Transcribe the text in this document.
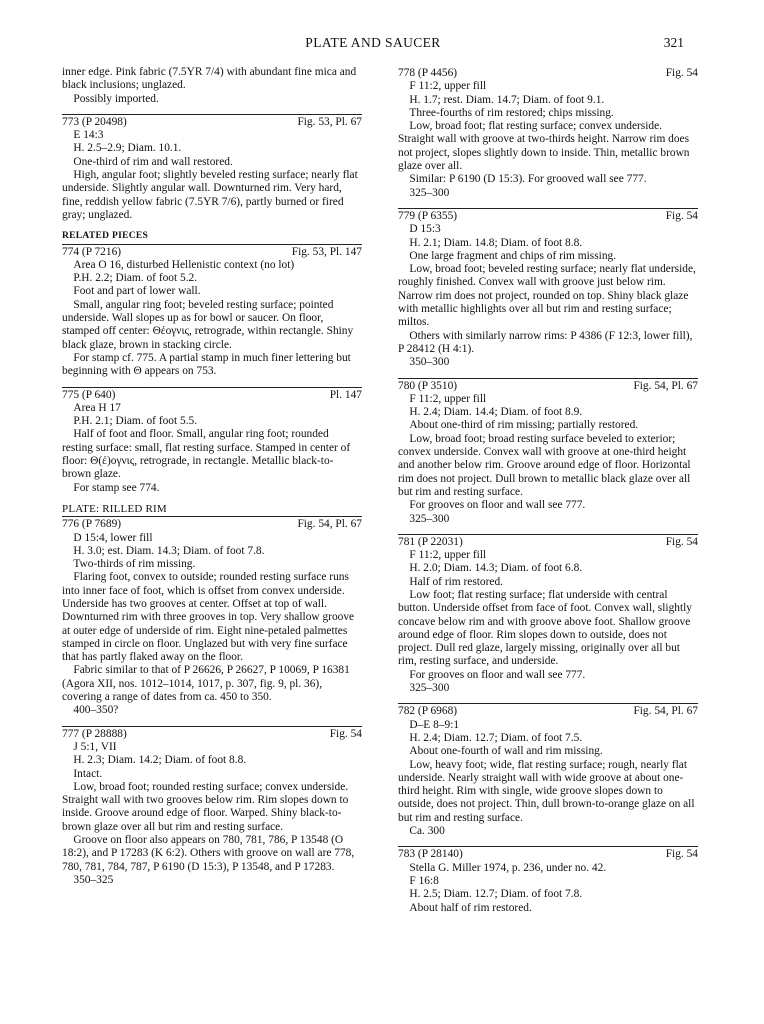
PLATE AND SAUCER	321

inner edge. Pink fabric (7.5YR 7/4) with abundant fine mica and black inclusions; unglazed.

Possibly imported.

773 (P 20498)	Fig. 53, Pl. 67

E 14:3

H. 2.5–2.9; Diam. 10.1.

One-third of rim and wall restored.

High, angular foot; slightly beveled resting surface; nearly flat underside. Slightly angular wall. Downturned rim. Very hard, fine, reddish yellow fabric (7.5YR 7/6), partly burned or fired gray; unglazed.

RELATED PIECES
774 (P 7216)	Fig. 53, Pl. 147

Area O 16, disturbed Hellenistic context (no lot)

P.H. 2.2; Diam. of foot 5.2.

Foot and part of lower wall.

Small, angular ring foot; beveled resting surface; pointed underside. Wall slopes up as for bowl or saucer. On floor, stamped off center: Θέογνις, retrograde, within rectangle. Shiny black glaze, brown in stacking circle.

For stamp cf. 775. A partial stamp in much finer lettering but beginning with Θ appears on 753.

775 (P 640)	Pl. 147

Area H 17

P.H. 2.1; Diam. of foot 5.5.

Half of foot and floor. Small, angular ring foot; rounded resting surface: small, flat resting surface. Stamped in center of floor: Θ(έ)ογνις, retrograde, in rectangle. Metallic black-to-brown glaze.

For stamp see 774.

PLATE: RILLED RIM
776 (P 7689)	Fig. 54, Pl. 67

D 15:4, lower fill

H. 3.0; est. Diam. 14.3; Diam. of foot 7.8.

Two-thirds of rim missing.

Flaring foot, convex to outside; rounded resting surface runs into inner face of foot, which is offset from convex underside. Underside has two grooves at center. Offset at top of wall. Downturned rim with three grooves in top. Very shallow groove at outer edge of underside of rim. Eight nine-petaled palmettes stamped in circle on floor. Unglazed but with very fine surface that has partly flaked away on the floor.

Fabric similar to that of P 26626, P 26627, P 10069, P 16381 (Agora XII, nos. 1012–1014, 1017, p. 307, fig. 9, pl. 36), covering a range of dates from ca. 450 to 350.

400–350?

777 (P 28888)	Fig. 54

J 5:1, VII

H. 2.3; Diam. 14.2; Diam. of foot 8.8.

Intact.

Low, broad foot; rounded resting surface; convex underside. Straight wall with two grooves below rim. Rim slopes down to inside. Groove around edge of floor. Warped. Shiny black-to-brown glaze over all but rim and resting surface.

Groove on floor also appears on 780, 781, 786, P 13548 (O 18:2), and P 17283 (K 6:2). Others with groove on wall are 778, 780, 781, 784, 787, P 6190 (D 15:3), P 13548, and P 17283.

350–325

778 (P 4456)	Fig. 54

F 11:2, upper fill

H. 1.7; rest. Diam. 14.7; Diam. of foot 9.1.

Three-fourths of rim restored; chips missing.

Low, broad foot; flat resting surface; convex underside. Straight wall with groove at two-thirds height. Narrow rim does not project, slopes slightly down to inside. Thin, metallic brown glaze over all.

Similar: P 6190 (D 15:3). For grooved wall see 777.

325–300

779 (P 6355)	Fig. 54

D 15:3

H. 2.1; Diam. 14.8; Diam. of foot 8.8.

One large fragment and chips of rim missing.

Low, broad foot; beveled resting surface; nearly flat underside, roughly finished. Convex wall with groove just below rim. Narrow rim does not project, rounded on top. Shiny black glaze with metallic highlights over all but rim and resting surface; miltos.

Others with similarly narrow rims: P 4386 (F 12:3, lower fill), P 28412 (H 4:1).

350–300

780 (P 3510)	Fig. 54, Pl. 67

F 11:2, upper fill

H. 2.4; Diam. 14.4; Diam. of foot 8.9.

About one-third of rim missing; partially restored.

Low, broad foot; broad resting surface beveled to exterior; convex underside. Convex wall with groove at one-third height and another below rim. Groove around edge of floor. Horizontal rim does not project. Dull brown to metallic black glaze over all but rim and resting surface.

For grooves on floor and wall see 777.

325–300

781 (P 22031)	Fig. 54

F 11:2, upper fill

H. 2.0; Diam. 14.3; Diam. of foot 6.8.

Half of rim restored.

Low foot; flat resting surface; flat underside with central button. Underside offset from face of foot. Convex wall, slightly concave below rim and with groove above foot. Shallow groove around edge of floor. Rim slopes down to outside, does not project. Dull red glaze, largely missing, originally over all but rim, resting surface, and underside.

For grooves on floor and wall see 777.

325–300

782 (P 6968)	Fig. 54, Pl. 67

D–E 8–9:1

H. 2.4; Diam. 12.7; Diam. of foot 7.5.

About one-fourth of wall and rim missing.

Low, heavy foot; wide, flat resting surface; rough, nearly flat underside. Nearly straight wall with wide groove at about one-third height. Rim with single, wide groove slopes down to outside, does not project. Thin, dull brown-to-orange glaze on all but rim and resting surface.

Ca. 300

783 (P 28140)	Fig. 54

Stella G. Miller 1974, p. 236, under no. 42.

F 16:8

H. 2.5; Diam. 12.7; Diam. of foot 7.8.

About half of rim restored.
